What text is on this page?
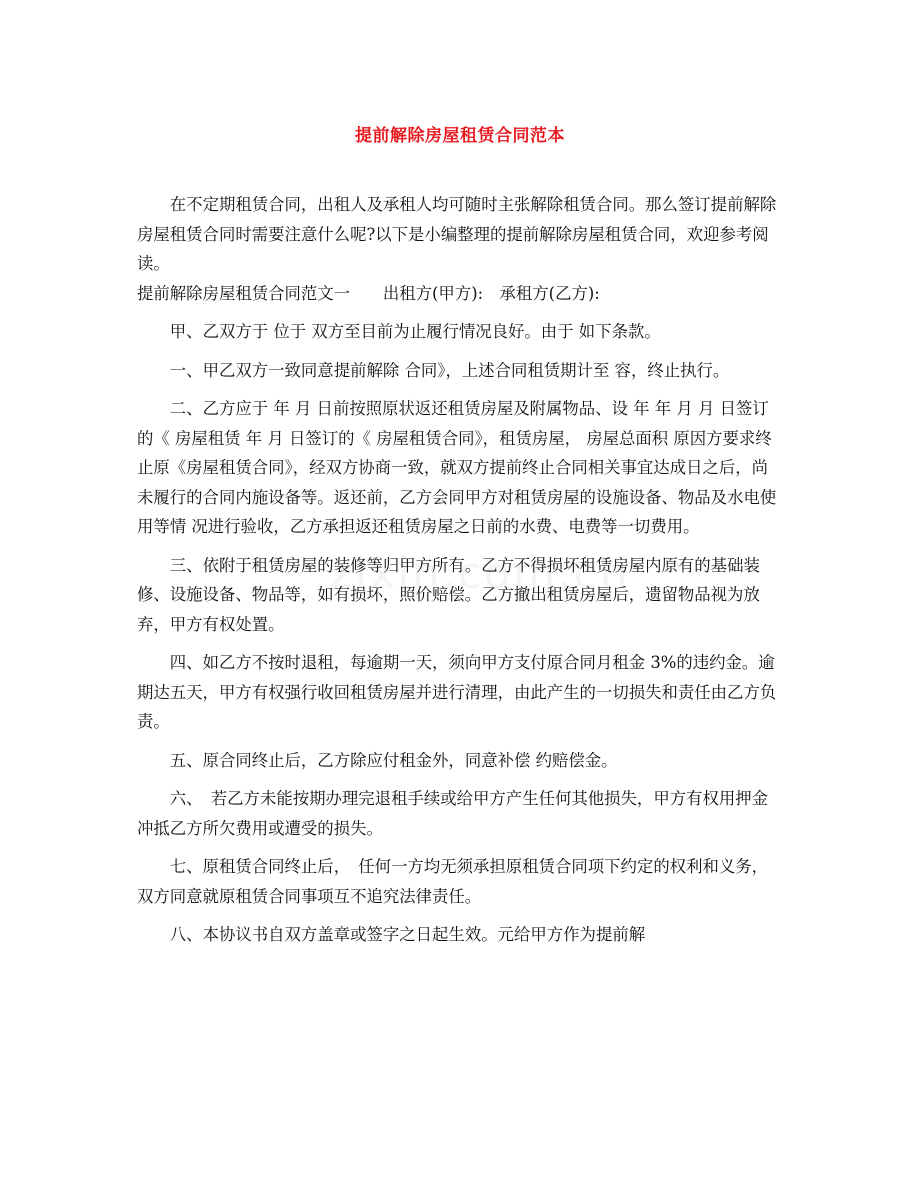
提前解除房屋租赁合同范本

在不定期租赁合同，出租人及承租人均可随时主张解除租赁合同。那么签订提前解除房屋租赁合同时需要注意什么呢?以下是小编整理的提前解除房屋租赁合同，欢迎参考阅读。

提前解除房屋租赁合同范文一　　出租方(甲方):　承租方(乙方):

甲、乙双方于 位于 双方至目前为止履行情况良好。由于 如下条款。

一、甲乙双方一致同意提前解除 合同》，上述合同租赁期计至 容，终止执行。

二、乙方应于 年 月 日前按照原状返还租赁房屋及附属物品、设 年 年 月 月 日签订的《 房屋租赁 年 月 日签订的《 房屋租赁合同》，租赁房屋， 房屋总面积 原因方要求终止原《房屋租赁合同》，经双方协商一致，就双方提前终止合同相关事宜达成日之后，尚未履行的合同内施设备等。返还前，乙方会同甲方对租赁房屋的设施设备、物品及水电使用等情 况进行验收，乙方承担返还租赁房屋之日前的水费、电费等一切费用。

三、依附于租赁房屋的装修等归甲方所有。乙方不得损坏租赁房屋内原有的基础装修、设施设备、物品等，如有损坏，照价赔偿。乙方撤出租赁房屋后，遗留物品视为放弃，甲方有权处置。

四、如乙方不按时退租，每逾期一天，须向甲方支付原合同月租金 3%的违约金。逾期达五天，甲方有权强行收回租赁房屋并进行清理，由此产生的一切损失和责任由乙方负责。

五、原合同终止后，乙方除应付租金外，同意补偿 约赔偿金。

六、　若乙方未能按期办理完退租手续或给甲方产生任何其他损失，甲方有权用押金冲抵乙方所欠费用或遭受的损失。

七、原租赁合同终止后，　任何一方均无须承担原租赁合同项下约定的权利和义务，双方同意就原租赁合同事项互不追究法律责任。

八、本协议书自双方盖章或签字之日起生效。元给甲方作为提前解
